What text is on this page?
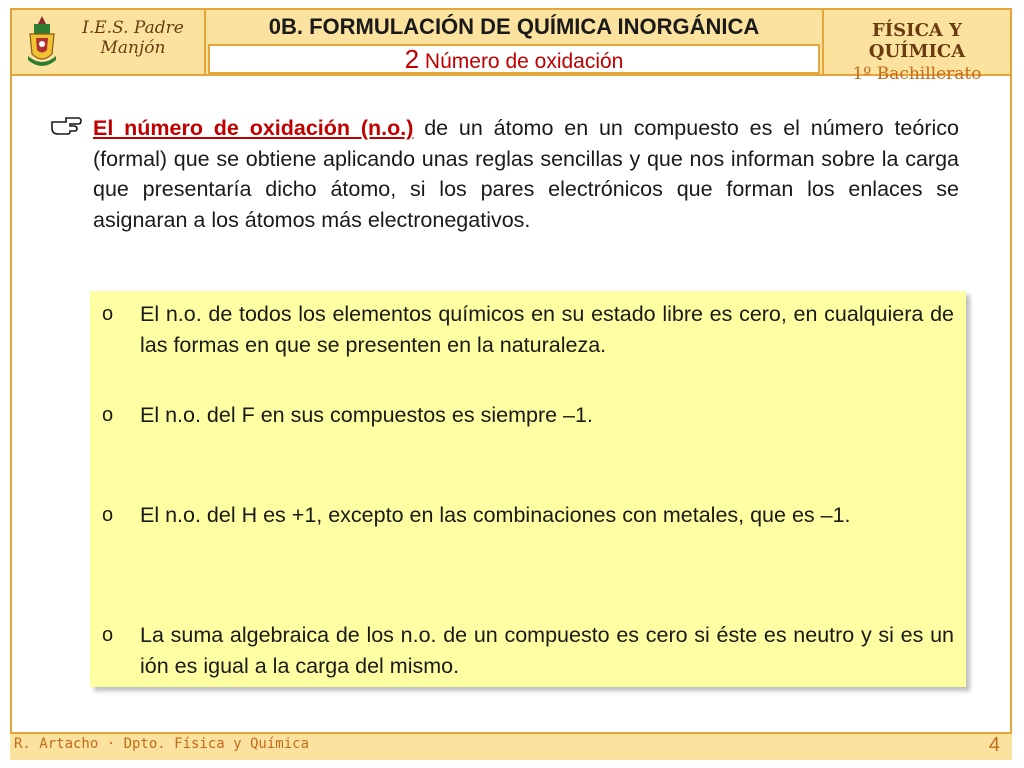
I.E.S. Padre
Manjón
0B. FORMULACIÓN DE QUÍMICA INORGÁNICA
2 Número de oxidación
FÍSICA Y QUÍMICA
1º Bachillerato
El número de oxidación (n.o.) de un átomo en un compuesto es el número teórico (formal) que se obtiene aplicando unas reglas sencillas y que nos informan sobre la carga que presentaría dicho átomo, si los pares electrónicos que forman los enlaces se asignaran a los átomos más electronegativos.
o El n.o. de todos los elementos químicos en su estado libre es cero, en cualquiera de las formas en que se presenten en la naturaleza.
o El n.o. del F en sus compuestos es siempre –1.
o El n.o. del H es +1, excepto en las combinaciones con metales, que es –1.
o La suma algebraica de los n.o. de un compuesto es cero si éste es neutro y si es un ión es igual a la carga del mismo.
R. Artacho · Dpto. Física y Química	4
